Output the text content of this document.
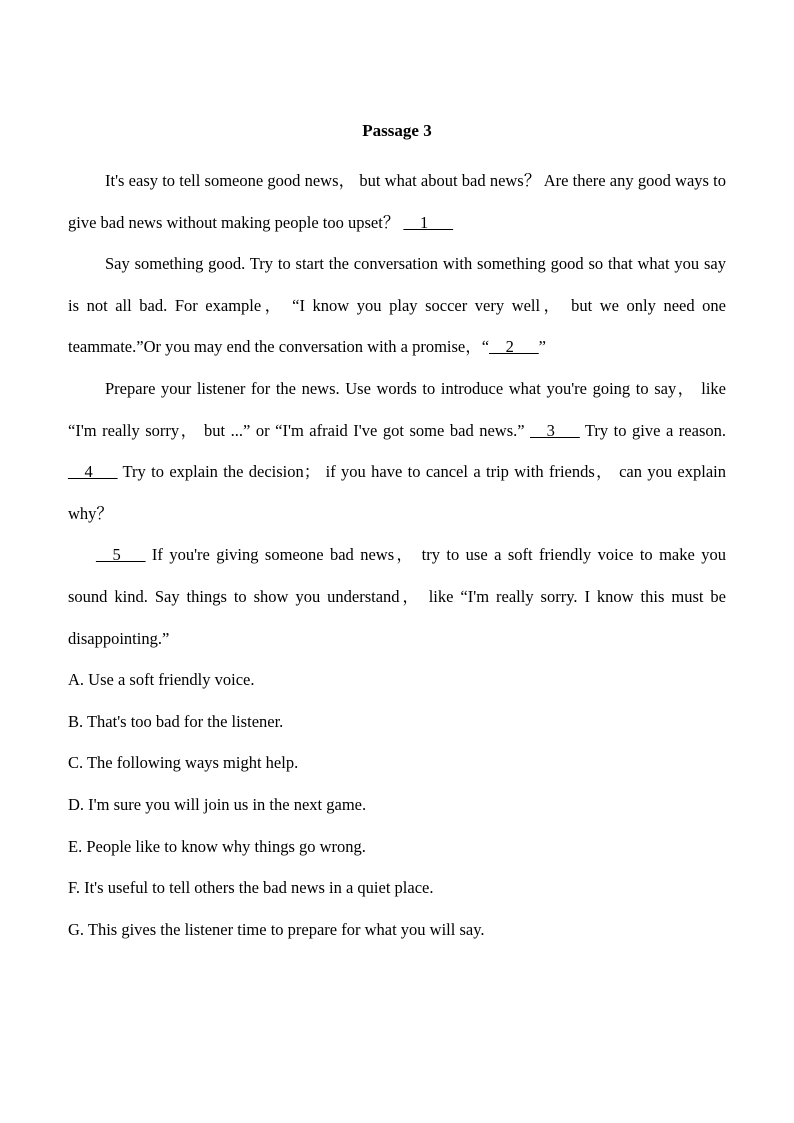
Passage 3

It's easy to tell someone good news， but what about bad news？ Are there any good ways to give bad news without making people too upset？ __1___

Say something good. Try to start the conversation with something good so that what you say is not all bad. For example， “I know you play soccer very well， but we only need one teammate.”Or you may end the conversation with a promise，“__2___”

Prepare your listener for the news. Use words to introduce what you're going to say， like “I'm really sorry， but ...” or “I'm afraid I've got some bad news.” __3___ Try to give a reason. __4___ Try to explain the decision； if you have to cancel a trip with friends， can you explain why？

__5___ If you're giving someone bad news， try to use a soft friendly voice to make you sound kind. Say things to show you understand， like “I'm really sorry. I know this must be disappointing.”

A. Use a soft friendly voice.

B. That's too bad for the listener.

C. The following ways might help.

D. I'm sure you will join us in the next game.

E. People like to know why things go wrong.

F. It's useful to tell others the bad news in a quiet place.

G. This gives the listener time to prepare for what you will say.
